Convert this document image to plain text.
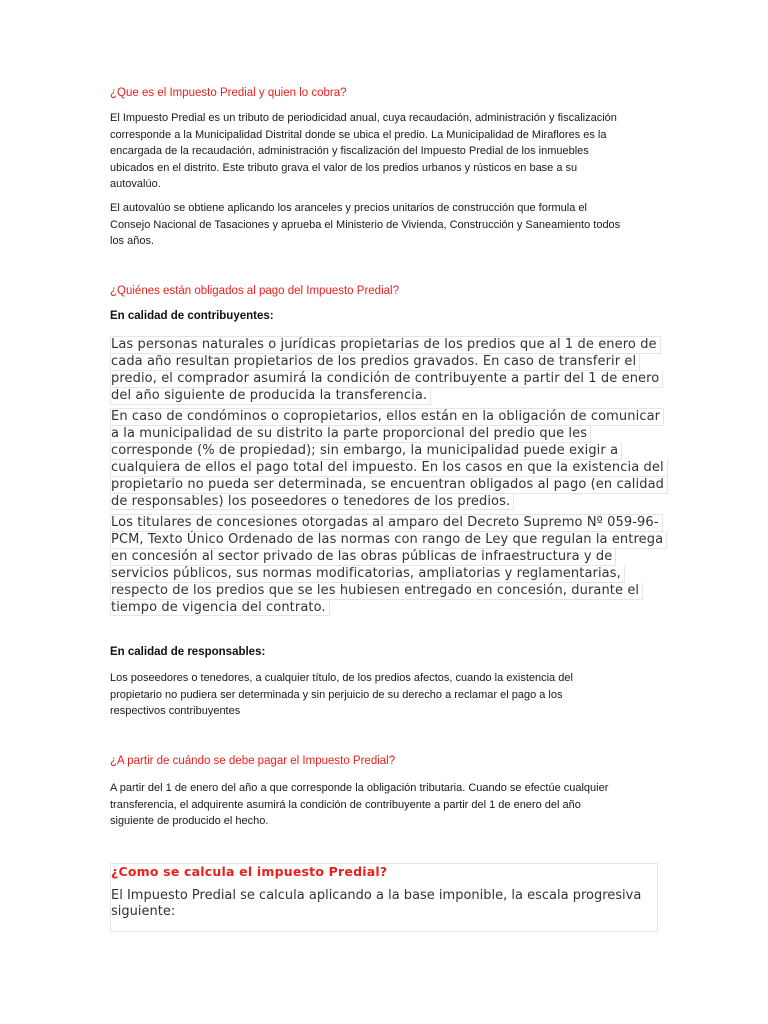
¿Que es el Impuesto Predial y quien lo cobra?

El Impuesto Predial es un tributo de periodicidad anual, cuya recaudación, administración y fiscalización

corresponde a la Municipalidad Distrital donde se ubica el predio. La Municipalidad de Miraflores es la

encargada de la recaudación, administración y fiscalización del Impuesto Predial de los inmuebles

ubicados en el distrito. Este tributo grava el valor de los predios urbanos y rústicos en base a su

autovalúo.

El autovalúo se obtiene aplicando los aranceles y precios unitarios de construcción que formula el

Consejo Nacional de Tasaciones y aprueba el Ministerio de Vivienda, Construcción y Saneamiento todos

los años.

¿Quiénes están obligados al pago del Impuesto Predial?

En calidad de contribuyentes:

Las personas naturales o jurídicas propietarias de los predios que al 1 de enero de
cada año resultan propietarios de los predios gravados. En caso de transferir el
predio, el comprador asumirá la condición de contribuyente a partir del 1 de enero
del año siguiente de producida la transferencia.
En caso de condóminos o copropietarios, ellos están en la obligación de comunicar
a la municipalidad de su distrito la parte proporcional del predio que les
corresponde (% de propiedad); sin embargo, la municipalidad puede exigir a
cualquiera de ellos el pago total del impuesto. En los casos en que la existencia del
propietario no pueda ser determinada, se encuentran obligados al pago (en calidad
de responsables) los poseedores o tenedores de los predios.
Los titulares de concesiones otorgadas al amparo del Decreto Supremo Nº 059-96-
PCM, Texto Único Ordenado de las normas con rango de Ley que regulan la entrega
en concesión al sector privado de las obras públicas de infraestructura y de
servicios públicos, sus normas modificatorias, ampliatorias y reglamentarias,
respecto de los predios que se les hubiesen entregado en concesión, durante el
tiempo de vigencia del contrato.

En calidad de responsables:

Los poseedores o tenedores, a cualquier título, de los predios afectos, cuando la existencia del

propietario no pudiera ser determinada y sin perjuicio de su derecho a reclamar el pago a los

respectivos contribuyentes

¿A partir de cuándo se debe pagar el Impuesto Predial?

A partir del 1 de enero del año a que corresponde la obligación tributaria. Cuando se efectúe cualquier

transferencia, el adquirente asumirá la condición de contribuyente a partir del 1 de enero del año

siguiente de producido el hecho.

¿Como se calcula el impuesto Predial?
El Impuesto Predial se calcula aplicando a la base imponible, la escala progresiva
siguiente:
